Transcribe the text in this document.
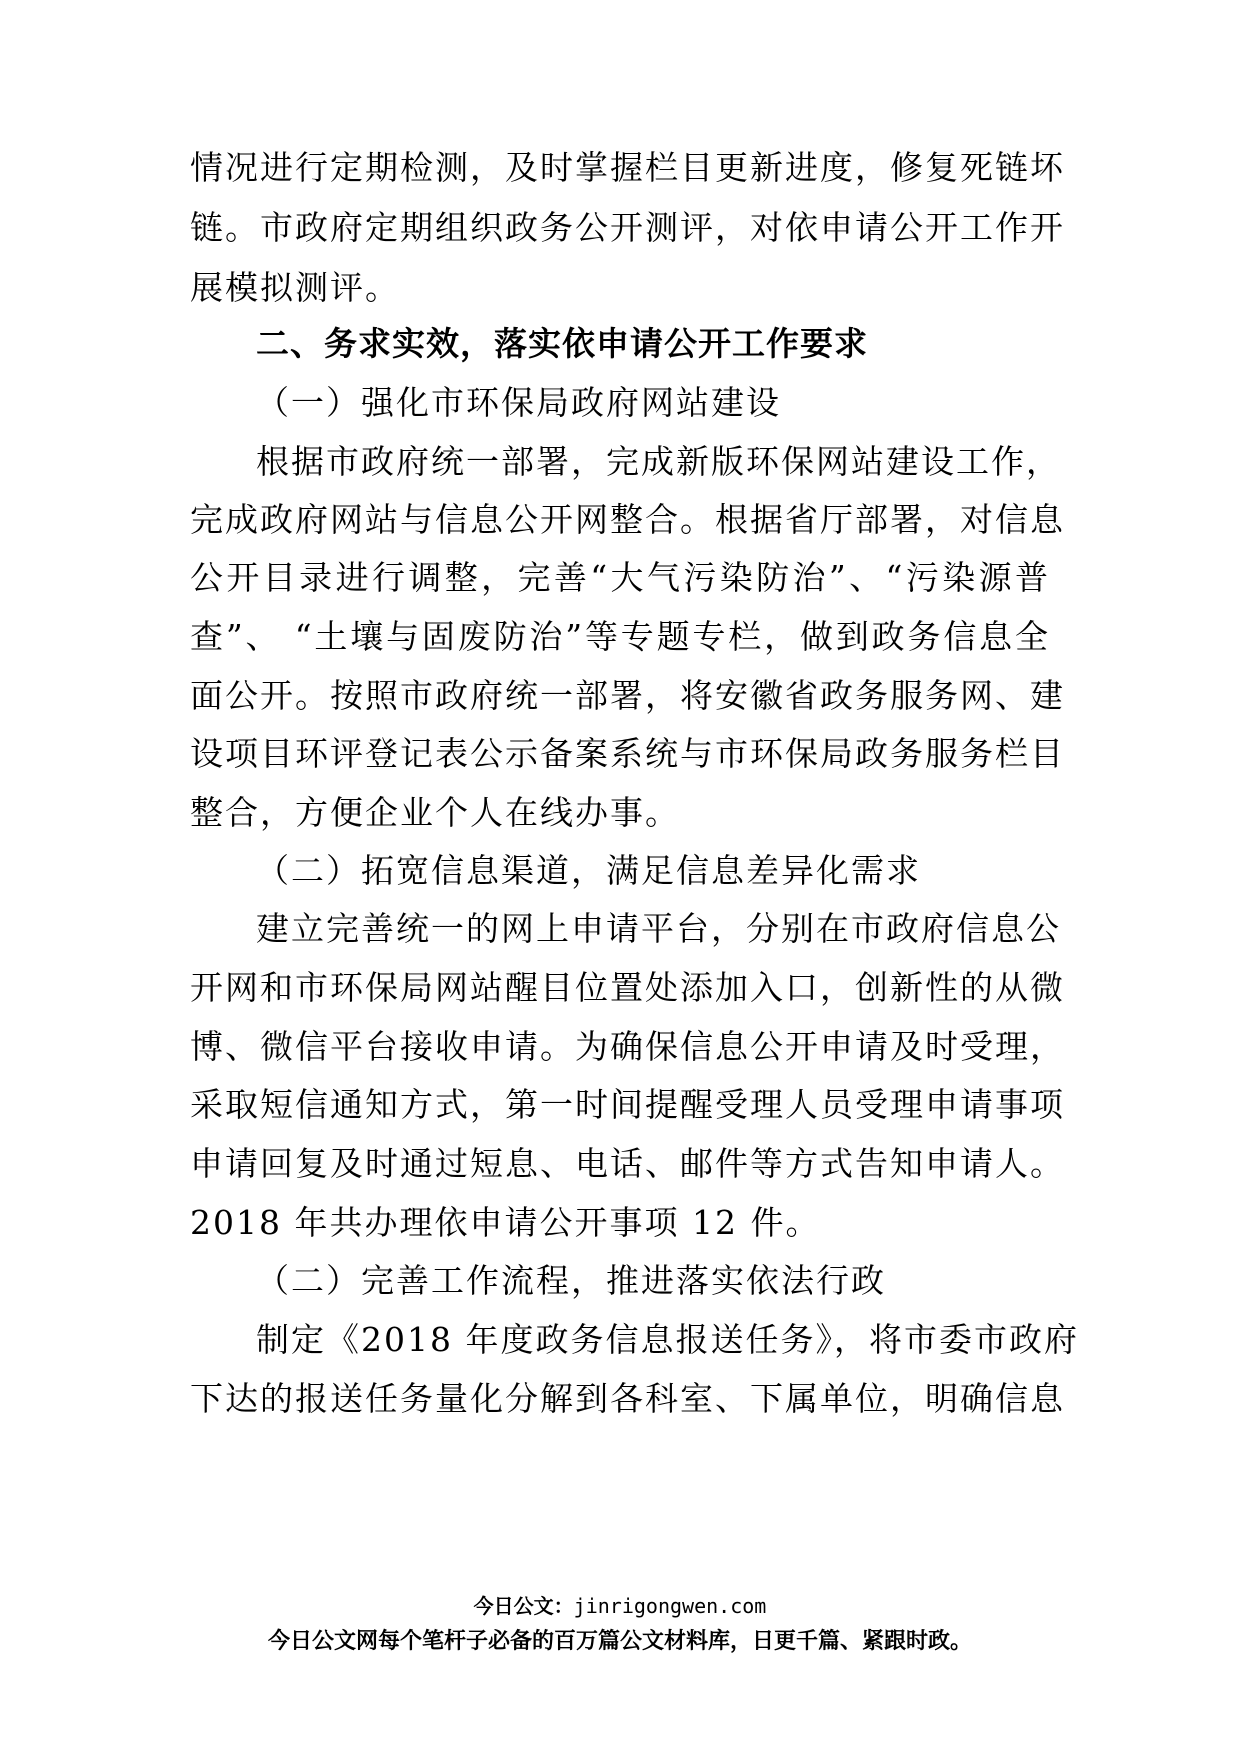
情况进行定期检测，及时掌握栏目更新进度，修复死链坏
链。市政府定期组织政务公开测评，对依申请公开工作开
展模拟测评。
二、务求实效，落实依申请公开工作要求
（一）强化市环保局政府网站建设
根据市政府统一部署，完成新版环保网站建设工作，
完成政府网站与信息公开网整合。根据省厅部署，对信息
公开目录进行调整，完善“大气污染防治”、“污染源普
查”、 “土壤与固废防治”等专题专栏，做到政务信息全
面公开。按照市政府统一部署，将安徽省政务服务网、建
设项目环评登记表公示备案系统与市环保局政务服务栏目
整合，方便企业个人在线办事。
（二）拓宽信息渠道，满足信息差异化需求
建立完善统一的网上申请平台，分别在市政府信息公
开网和市环保局网站醒目位置处添加入口，创新性的从微
博、微信平台接收申请。为确保信息公开申请及时受理，
采取短信通知方式，第一时间提醒受理人员受理申请事项
申请回复及时通过短息、电话、邮件等方式告知申请人。
2018 年共办理依申请公开事项 12 件。
（二）完善工作流程，推进落实依法行政
制定《2018 年度政务信息报送任务》，将市委市政府
下达的报送任务量化分解到各科室、下属单位，明确信息
今日公文：jinrigongwen.com
今日公文网每个笔杆子必备的百万篇公文材料库，日更千篇、紧跟时政。
